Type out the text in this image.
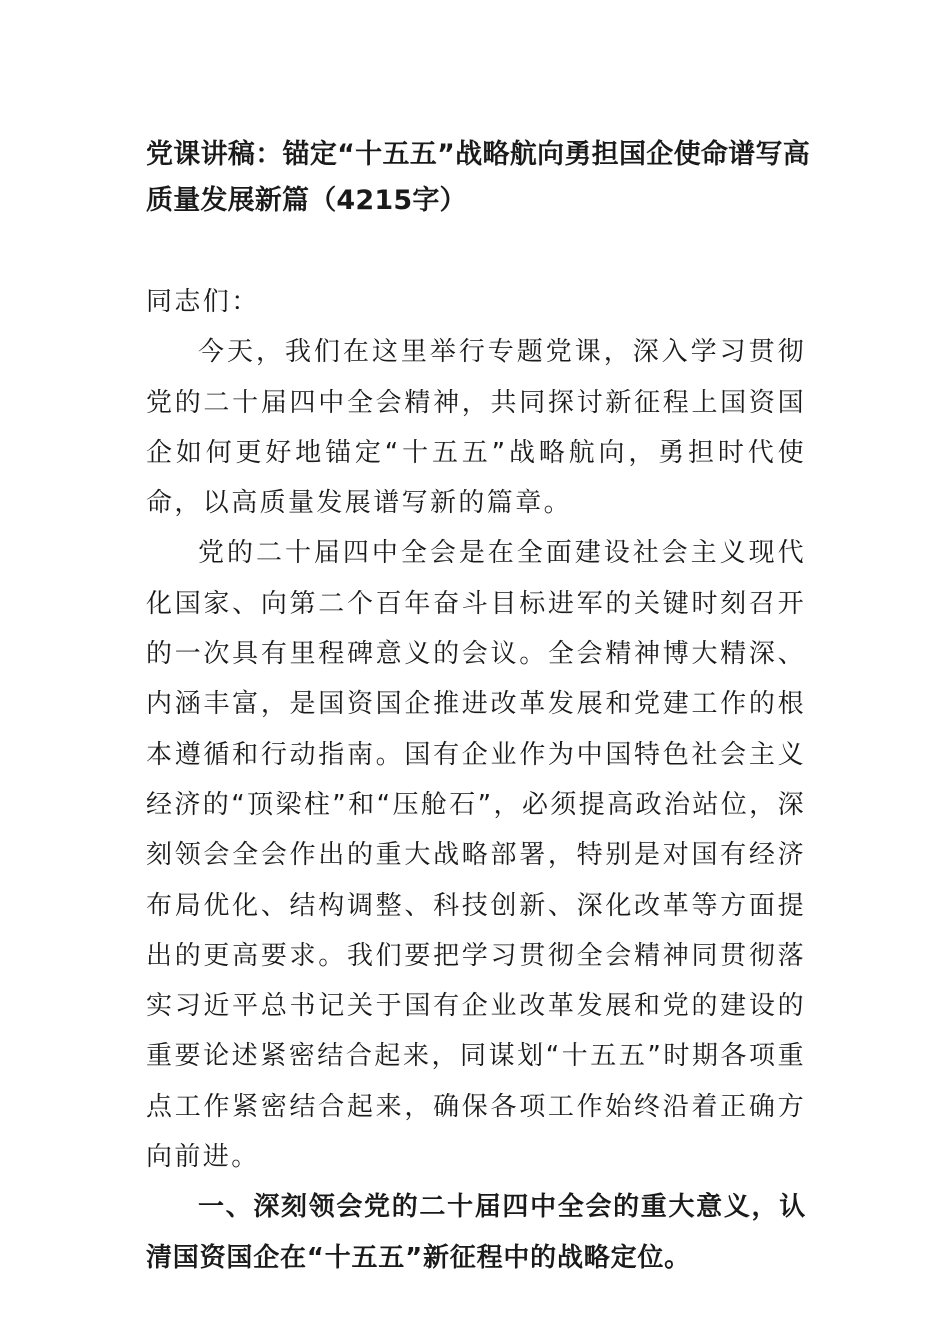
党课讲稿：锚定“十五五”战略航向勇担国企使命谱写高质量发展新篇（4215字）

同志们：

今天，我们在这里举行专题党课，深入学习贯彻党的二十届四中全会精神，共同探讨新征程上国资国企如何更好地锚定“十五五”战略航向，勇担时代使命，以高质量发展谱写新的篇章。

党的二十届四中全会是在全面建设社会主义现代化国家、向第二个百年奋斗目标进军的关键时刻召开的一次具有里程碑意义的会议。全会精神博大精深、内涵丰富，是国资国企推进改革发展和党建工作的根本遵循和行动指南。国有企业作为中国特色社会主义经济的“顶梁柱”和“压舱石”，必须提高政治站位，深刻领会全会作出的重大战略部署，特别是对国有经济布局优化、结构调整、科技创新、深化改革等方面提出的更高要求。我们要把学习贯彻全会精神同贯彻落实习近平总书记关于国有企业改革发展和党的建设的重要论述紧密结合起来，同谋划“十五五”时期各项重点工作紧密结合起来，确保各项工作始终沿着正确方向前进。

一、深刻领会党的二十届四中全会的重大意义，认清国资国企在“十五五”新征程中的战略定位。
